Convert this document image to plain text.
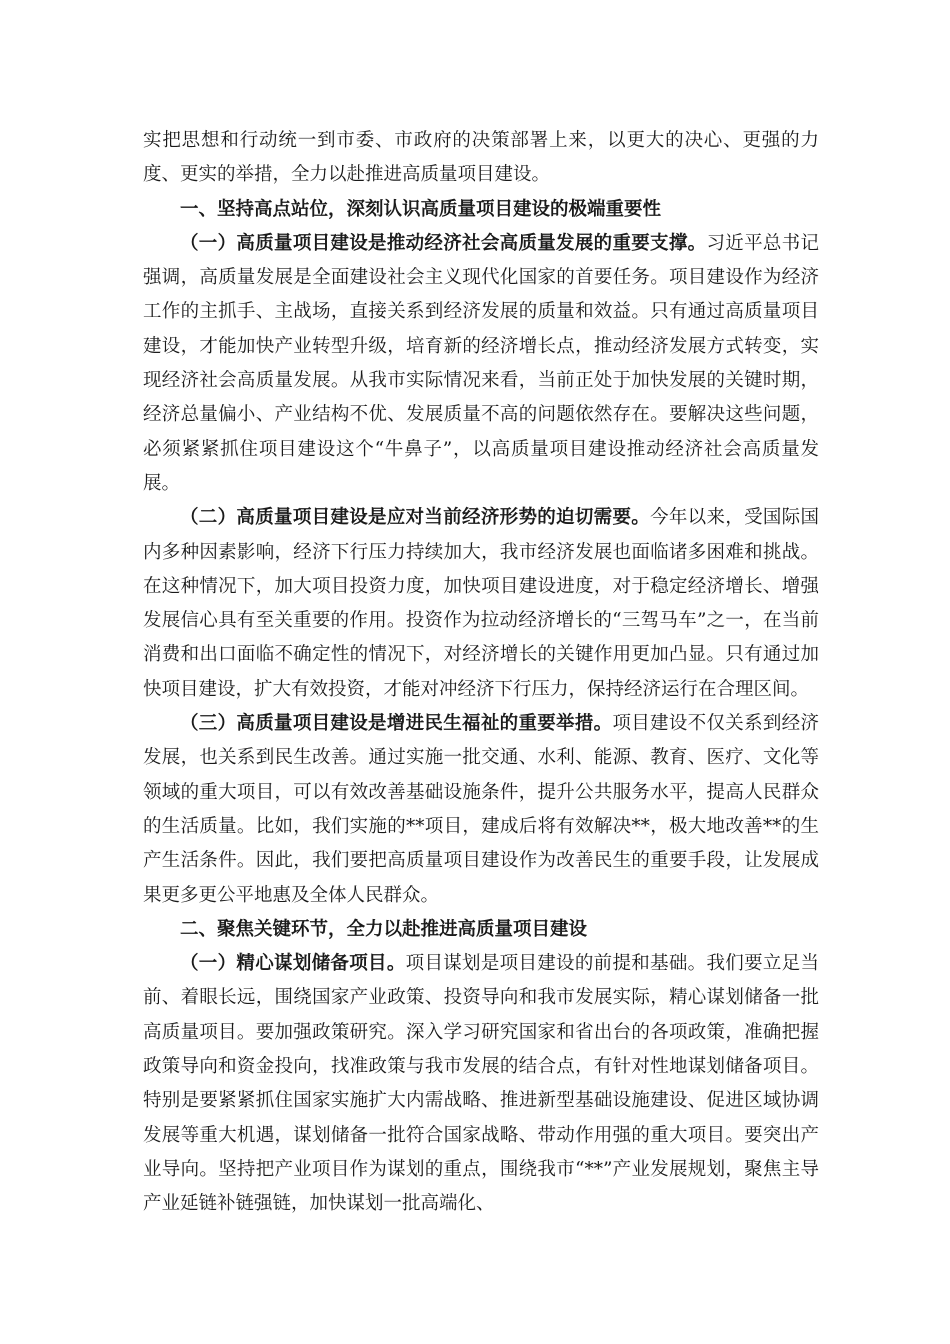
实把思想和行动统一到市委、市政府的决策部署上来，以更大的决心、更强的力度、更实的举措，全力以赴推进高质量项目建设。

一、坚持高点站位，深刻认识高质量项目建设的极端重要性

（一）高质量项目建设是推动经济社会高质量发展的重要支撑。习近平总书记强调，高质量发展是全面建设社会主义现代化国家的首要任务。项目建设作为经济工作的主抓手、主战场，直接关系到经济发展的质量和效益。只有通过高质量项目建设，才能加快产业转型升级，培育新的经济增长点，推动经济发展方式转变，实现经济社会高质量发展。从我市实际情况来看，当前正处于加快发展的关键时期，经济总量偏小、产业结构不优、发展质量不高的问题依然存在。要解决这些问题，必须紧紧抓住项目建设这个“牛鼻子”，以高质量项目建设推动经济社会高质量发展。

（二）高质量项目建设是应对当前经济形势的迫切需要。今年以来，受国际国内多种因素影响，经济下行压力持续加大，我市经济发展也面临诸多困难和挑战。在这种情况下，加大项目投资力度，加快项目建设进度，对于稳定经济增长、增强发展信心具有至关重要的作用。投资作为拉动经济增长的“三驾马车”之一，在当前消费和出口面临不确定性的情况下，对经济增长的关键作用更加凸显。只有通过加快项目建设，扩大有效投资，才能对冲经济下行压力，保持经济运行在合理区间。

（三）高质量项目建设是增进民生福祉的重要举措。项目建设不仅关系到经济发展，也关系到民生改善。通过实施一批交通、水利、能源、教育、医疗、文化等领域的重大项目，可以有效改善基础设施条件，提升公共服务水平，提高人民群众的生活质量。比如，我们实施的**项目，建成后将有效解决**，极大地改善**的生产生活条件。因此，我们要把高质量项目建设作为改善民生的重要手段，让发展成果更多更公平地惠及全体人民群众。

二、聚焦关键环节，全力以赴推进高质量项目建设

（一）精心谋划储备项目。项目谋划是项目建设的前提和基础。我们要立足当前、着眼长远，围绕国家产业政策、投资导向和我市发展实际，精心谋划储备一批高质量项目。要加强政策研究。深入学习研究国家和省出台的各项政策，准确把握政策导向和资金投向，找准政策与我市发展的结合点，有针对性地谋划储备项目。特别是要紧紧抓住国家实施扩大内需战略、推进新型基础设施建设、促进区域协调发展等重大机遇，谋划储备一批符合国家战略、带动作用强的重大项目。要突出产业导向。坚持把产业项目作为谋划的重点，围绕我市“**”产业发展规划，聚焦主导产业延链补链强链，加快谋划一批高端化、
